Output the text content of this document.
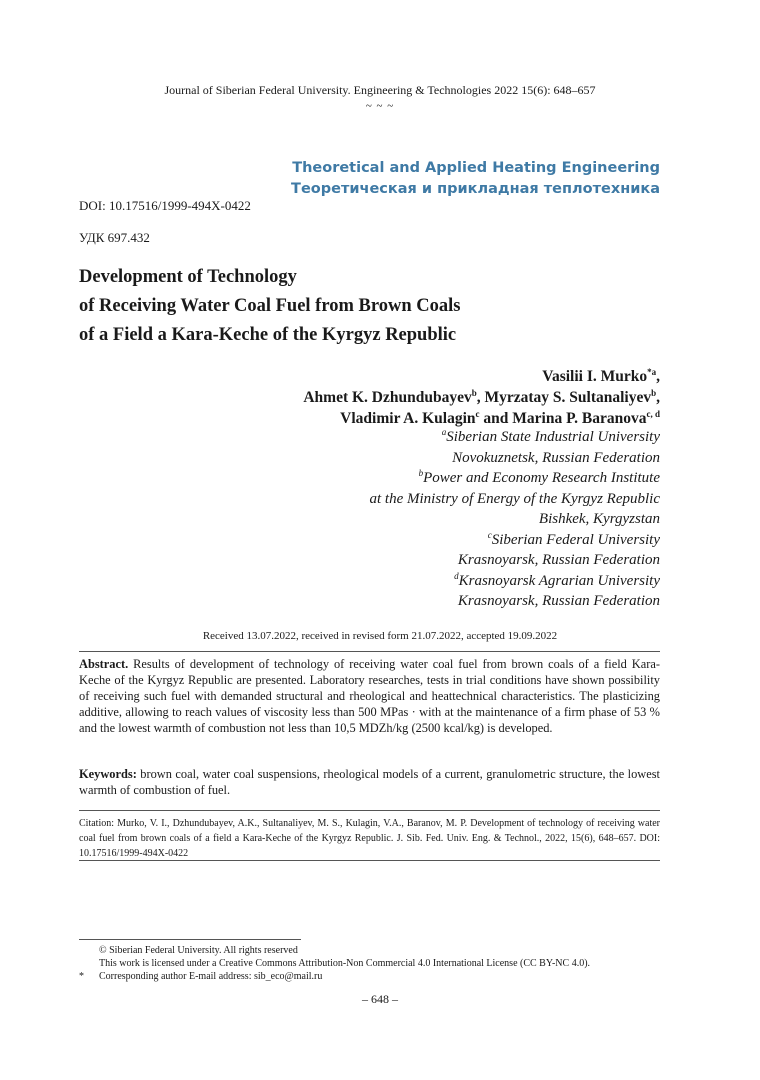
Journal of Siberian Federal University. Engineering & Technologies 2022 15(6): 648–657
~ ~ ~
Theoretical and Applied Heating Engineering
Теоретическая и прикладная теплотехника
DOI: 10.17516/1999-494X-0422
УДК 697.432
Development of Technology
of Receiving Water Coal Fuel from Brown Coals
of a Field a Kara-Keche of the Kyrgyz Republic
Vasilii I. Murko$^{*a}$,
Ahmet K. Dzhundubayev$^b$, Myrzatay S. Sultanaliyev$^b$,
Vladimir A. Kulagin$^c$ and Marina P. Baranova$^{c, d}$
$^a$Siberian State Industrial University
Novokuznetsk, Russian Federation
$^b$Power and Economy Research Institute
at the Ministry of Energy of the Kyrgyz Republic
Bishkek, Kyrgyzstan
$^c$Siberian Federal University
Krasnoyarsk, Russian Federation
$^d$Krasnoyarsk Agrarian University
Krasnoyarsk, Russian Federation
Received 13.07.2022, received in revised form 21.07.2022, accepted 19.09.2022
Abstract. Results of development of technology of receiving water coal fuel from brown coals of a field Kara-Keche of the Kyrgyz Republic are presented. Laboratory researches, tests in trial conditions have shown possibility of receiving such fuel with demanded structural and rheological and heattechnical characteristics. The plasticizing additive, allowing to reach values of viscosity less than 500 MPas · with at the maintenance of a firm phase of 53 % and the lowest warmth of combustion not less than 10,5 MDZh/kg (2500 kcal/kg) is developed.
Keywords: brown coal, water coal suspensions, rheological models of a current, granulometric structure, the lowest warmth of combustion of fuel.
Citation: Murko, V. I., Dzhundubayev, A.K., Sultanaliyev, M. S., Kulagin, V.A., Baranov, M. P. Development of technology of receiving water coal fuel from brown coals of a field a Kara-Keche of the Kyrgyz Republic. J. Sib. Fed. Univ. Eng. & Technol., 2022, 15(6), 648–657. DOI: 10.17516/1999-494X-0422
© Siberian Federal University. All rights reserved
This work is licensed under a Creative Commons Attribution-Non Commercial 4.0 International License (CC BY-NC 4.0).
* Corresponding author E-mail address: sib_eco@mail.ru
– 648 –
